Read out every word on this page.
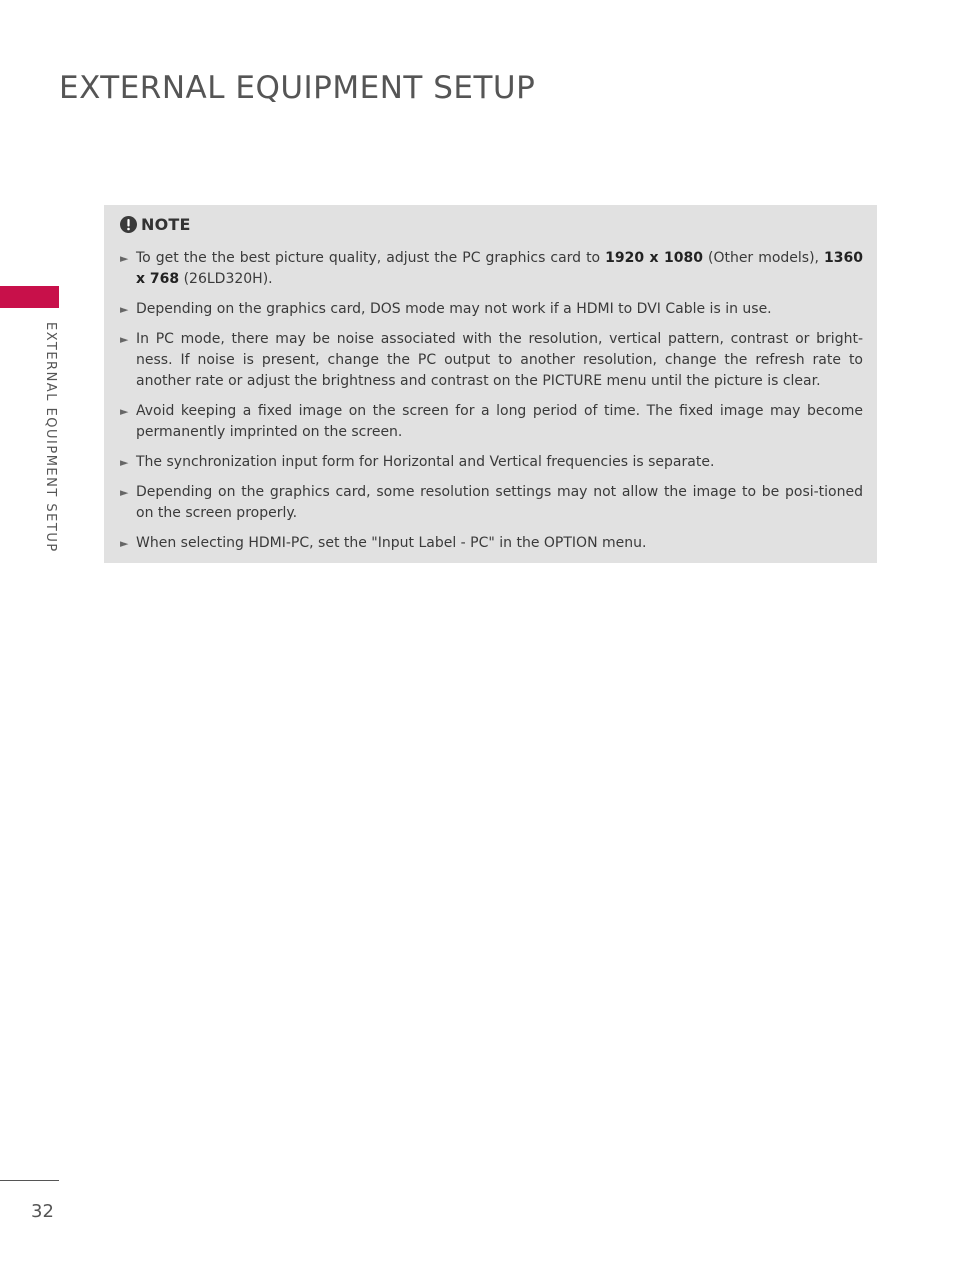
EXTERNAL EQUIPMENT SETUP
EXTERNAL EQUIPMENT SETUP
NOTE
► To get the the best picture quality, adjust the PC graphics card to 1920 x 1080 (Other models), 1360 x 768 (26LD320H).
► Depending on the graphics card, DOS mode may not work if a HDMI to DVI Cable is in use.
► In PC mode, there may be noise associated with the resolution, vertical pattern, contrast or bright-ness. If noise is present, change the PC output to another resolution, change the refresh rate to another rate or adjust the brightness and contrast on the PICTURE menu until the picture is clear.
► Avoid keeping a fixed image on the screen for a long period of time. The fixed image may become permanently imprinted on the screen.
► The synchronization input form for Horizontal and Vertical frequencies is separate.
► Depending on the graphics card, some resolution settings may not allow the image to be posi-tioned on the screen properly.
► When selecting HDMI-PC, set the "Input Label - PC" in the OPTION menu.
32
